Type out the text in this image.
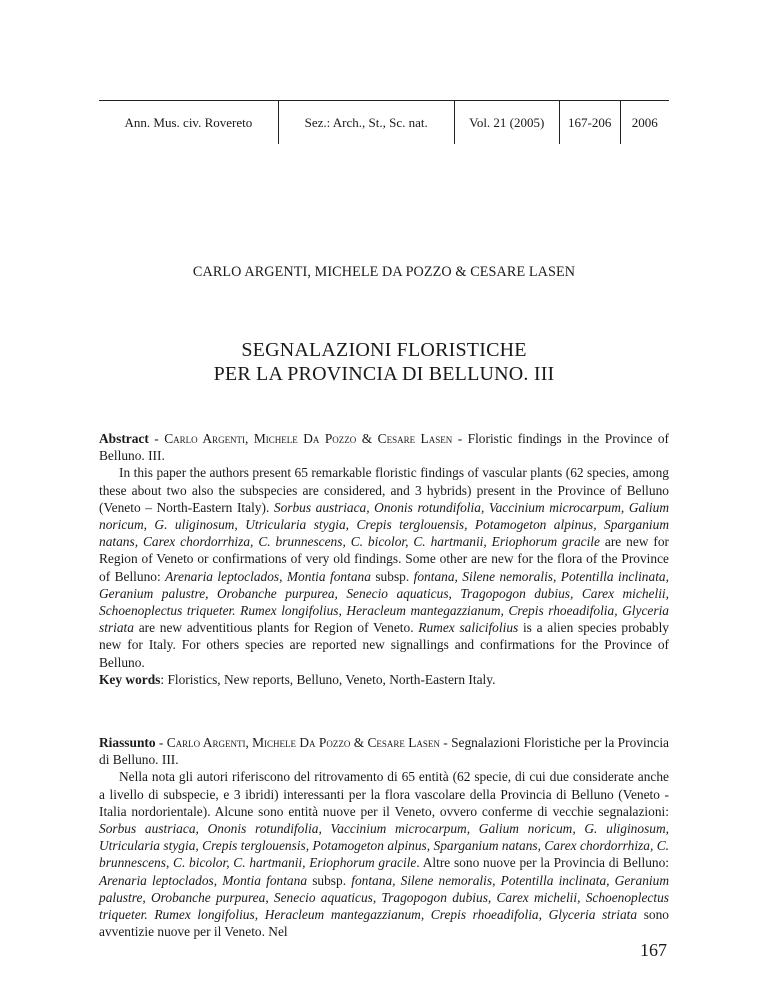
Ann. Mus. civ. Rovereto	Sez.: Arch., St., Sc. nat.	Vol. 21 (2005)	167-206	2006
CARLO ARGENTI, MICHELE DA POZZO & CESARE LASEN
SEGNALAZIONI FLORISTICHE
PER LA PROVINCIA DI BELLUNO. III

Abstract - Carlo Argenti, Michele Da Pozzo & Cesare Lasen - Floristic findings in the Province of Belluno. III.

In this paper the authors present 65 remarkable floristic findings of vascular plants (62 species, among these about two also the subspecies are considered, and 3 hybrids) present in the Province of Belluno (Veneto – North-Eastern Italy). Sorbus austriaca, Ononis rotundifolia, Vaccinium microcarpum, Galium noricum, G. uliginosum, Utricularia stygia, Crepis terglouensis, Potamogeton alpinus, Sparganium natans, Carex chordorrhiza, C. brunnescens, C. bicolor, C. hartmanii, Eriophorum gracile are new for Region of Veneto or confirmations of very old findings. Some other are new for the flora of the Province of Belluno: Arenaria leptoclados, Montia fontana subsp. fontana, Silene nemoralis, Potentilla inclinata, Geranium palustre, Orobanche purpurea, Senecio aquaticus, Tragopogon dubius, Carex michelii, Schoenoplectus triqueter. Rumex longifolius, Heracleum mantegazzianum, Crepis rhoeadifolia, Glyceria striata are new adventitious plants for Region of Veneto. Rumex salicifolius is a alien species probably new for Italy. For others species are reported new signallings and confirmations for the Province of Belluno.

Key words: Floristics, New reports, Belluno, Veneto, North-Eastern Italy.

Riassunto - Carlo Argenti, Michele Da Pozzo & Cesare Lasen - Segnalazioni Floristiche per la Provincia di Belluno. III.

Nella nota gli autori riferiscono del ritrovamento di 65 entità (62 specie, di cui due considerate anche a livello di subspecie, e 3 ibridi) interessanti per la flora vascolare della Provincia di Belluno (Veneto - Italia nordorientale). Alcune sono entità nuove per il Veneto, ovvero conferme di vecchie segnalazioni: Sorbus austriaca, Ononis rotundifolia, Vaccinium microcarpum, Galium noricum, G. uliginosum, Utricularia stygia, Crepis terglouensis, Potamogeton alpinus, Sparganium natans, Carex chordorrhiza, C. brunnescens, C. bicolor, C. hartmanii, Eriophorum gracile. Altre sono nuove per la Provincia di Belluno: Arenaria leptoclados, Montia fontana subsp. fontana, Silene nemoralis, Potentilla inclinata, Geranium palustre, Orobanche purpurea, Senecio aquaticus, Tragopogon dubius, Carex michelii, Schoenoplectus triqueter. Rumex longifolius, Heracleum mantegazzianum, Crepis rhoeadifolia, Glyceria striata sono avventizie nuove per il Veneto. Nel

167
